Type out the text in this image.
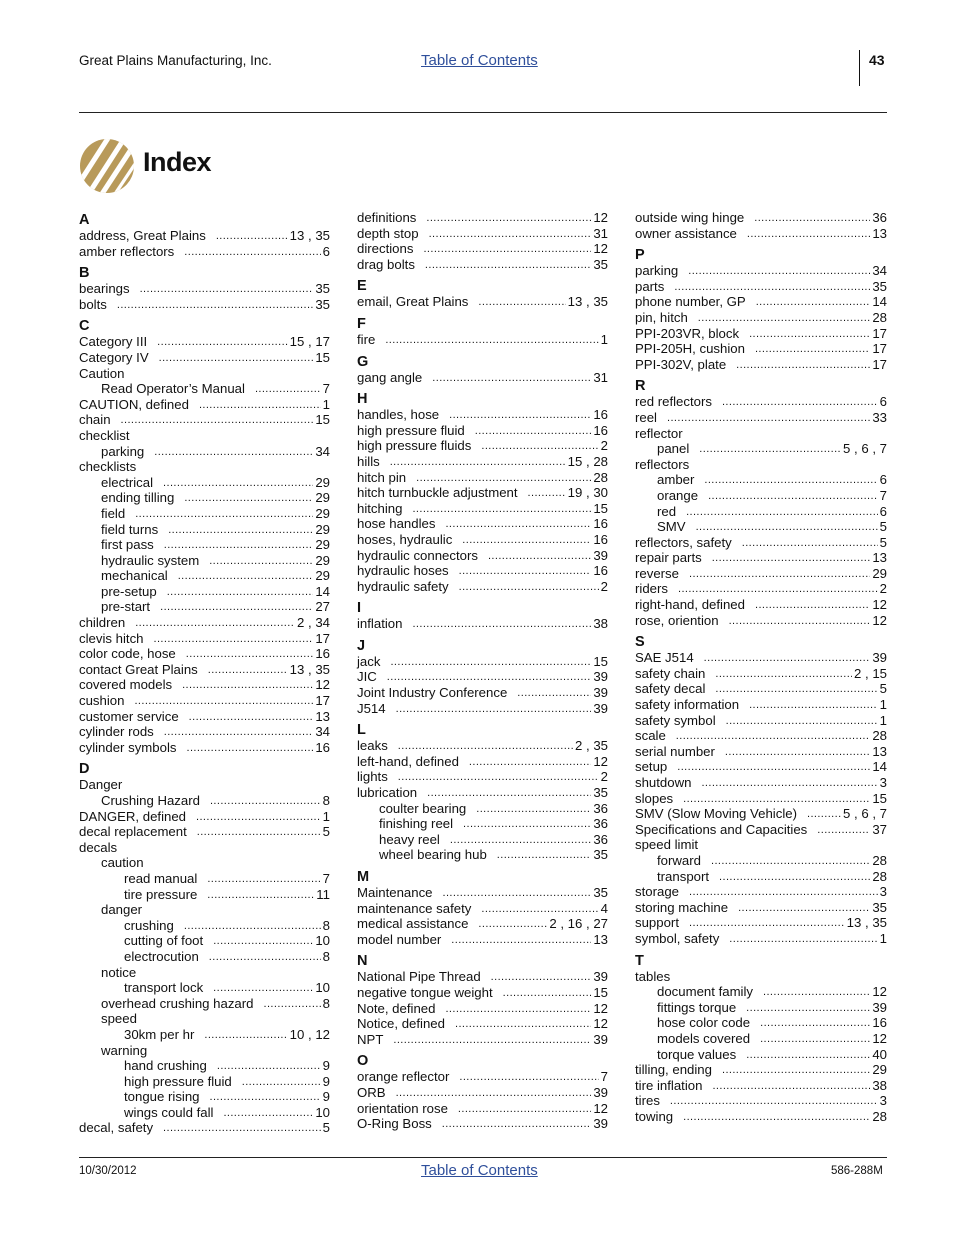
Great Plains Manufacturing, Inc.	Table of Contents	43
Index
A
address, Great Plains .....	13 , 35
amber reflectors .....	6
B
bearings .....	35
bolts .....	35
C
Category III .....	15 , 17
Category IV .....	15
Caution
Read Operator’s Manual .....	7
CAUTION, defined .....	1
chain .....	15
checklist
parking .....	34
checklists
electrical .....	29
ending tilling .....	29
field .....	29
field turns .....	29
first pass .....	29
hydraulic system .....	29
mechanical .....	29
pre-setup .....	14
pre-start .....	27
children .....	2 , 34
clevis hitch .....	17
color code, hose .....	16
contact Great Plains .....	13 , 35
covered models .....	12
cushion .....	17
customer service .....	13
cylinder rods .....	34
cylinder symbols .....	16
D
Danger
Crushing Hazard .....	8
DANGER, defined .....	1
decal replacement .....	5
decals
caution
read manual .....	7
tire pressure .....	11
danger
crushing .....	8
cutting of foot .....	10
electrocution .....	8
notice
transport lock .....	10
overhead crushing hazard .....	8
speed
30km per hr .....	10 , 12
warning
hand crushing .....	9
high pressure fluid .....	9
tongue rising .....	9
wings could fall .....	10
decal, safety .....	5
definitions .....	12
depth stop .....	31
directions .....	12
drag bolts .....	35
E
email, Great Plains .....	13 , 35
F
fire .....	1
G
gang angle .....	31
H
handles, hose .....	16
high pressure fluid .....	16
high pressure fluids .....	2
hills .....	15 , 28
hitch pin .....	28
hitch turnbuckle adjustment .....	19 , 30
hitching .....	15
hose handles .....	16
hoses, hydraulic .....	16
hydraulic connectors .....	39
hydraulic hoses .....	16
hydraulic safety .....	2
I
inflation .....	38
J
jack .....	15
JIC .....	39
Joint Industry Conference .....	39
J514 .....	39
L
leaks .....	2 , 35
left-hand, defined .....	12
lights .....	2
lubrication .....	35
coulter bearing .....	36
finishing reel .....	36
heavy reel .....	36
wheel bearing hub .....	35
M
Maintenance .....	35
maintenance safety .....	4
medical assistance .....	2 , 16 , 27
model number .....	13
N
National Pipe Thread .....	39
negative tongue weight .....	15
Note, defined .....	12
Notice, defined .....	12
NPT .....	39
O
orange reflector .....	7
ORB .....	39
orientation rose .....	12
O-Ring Boss .....	39
outside wing hinge .....	36
owner assistance .....	13
P
parking .....	34
parts .....	35
phone number, GP .....	14
pin, hitch .....	28
PPI-203VR, block .....	17
PPI-205H, cushion .....	17
PPI-302V, plate .....	17
R
red reflectors .....	6
reel .....	33
reflector
panel .....	5 , 6 , 7
reflectors
amber .....	6
orange .....	7
red .....	6
SMV .....	5
reflectors, safety .....	5
repair parts .....	13
reverse .....	29
riders .....	2
right-hand, defined .....	12
rose, oriention .....	12
S
SAE J514 .....	39
safety chain .....	2 , 15
safety decal .....	5
safety information .....	1
safety symbol .....	1
scale .....	28
serial number .....	13
setup .....	14
shutdown .....	3
slopes .....	15
SMV (Slow Moving Vehicle) .....	5 , 6 , 7
Specifications and Capacities .....	37
speed limit
forward .....	28
transport .....	28
storage .....	3
storing machine .....	35
support .....	13 , 35
symbol, safety .....	1
T
tables
document family .....	12
fittings torque .....	39
hose color code .....	16
models covered .....	12
torque values .....	40
tilling, ending .....	29
tire inflation .....	38
tires .....	3
towing .....	28
10/30/2012	Table of Contents	586-288M
